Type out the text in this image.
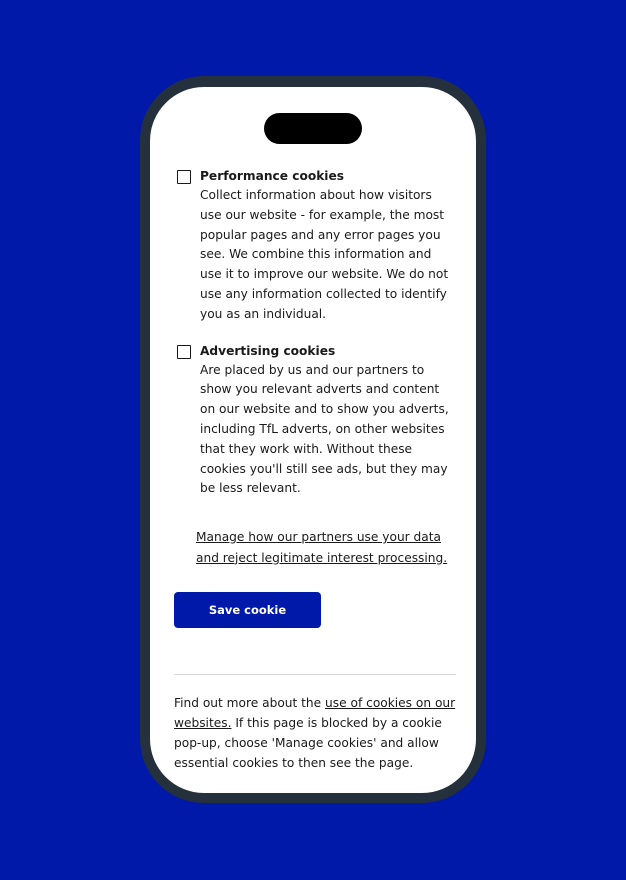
Performance cookies
Collect information about how visitors use our website - for example, the most popular pages and any error pages you see. We combine this information and use it to improve our website. We do not use any information collected to identify you as an individual.
Advertising cookies
Are placed by us and our partners to show you relevant adverts and content on our website and to show you adverts, including TfL adverts, on other websites that they work with. Without these cookies you'll still see ads, but they may be less relevant.
Manage how our partners use your data and reject legitimate interest processing.
Save cookie settings
Find out more about the use of cookies on our websites. If this page is blocked by a cookie pop-up, choose 'Manage cookies' and allow essential cookies to then see the page.
